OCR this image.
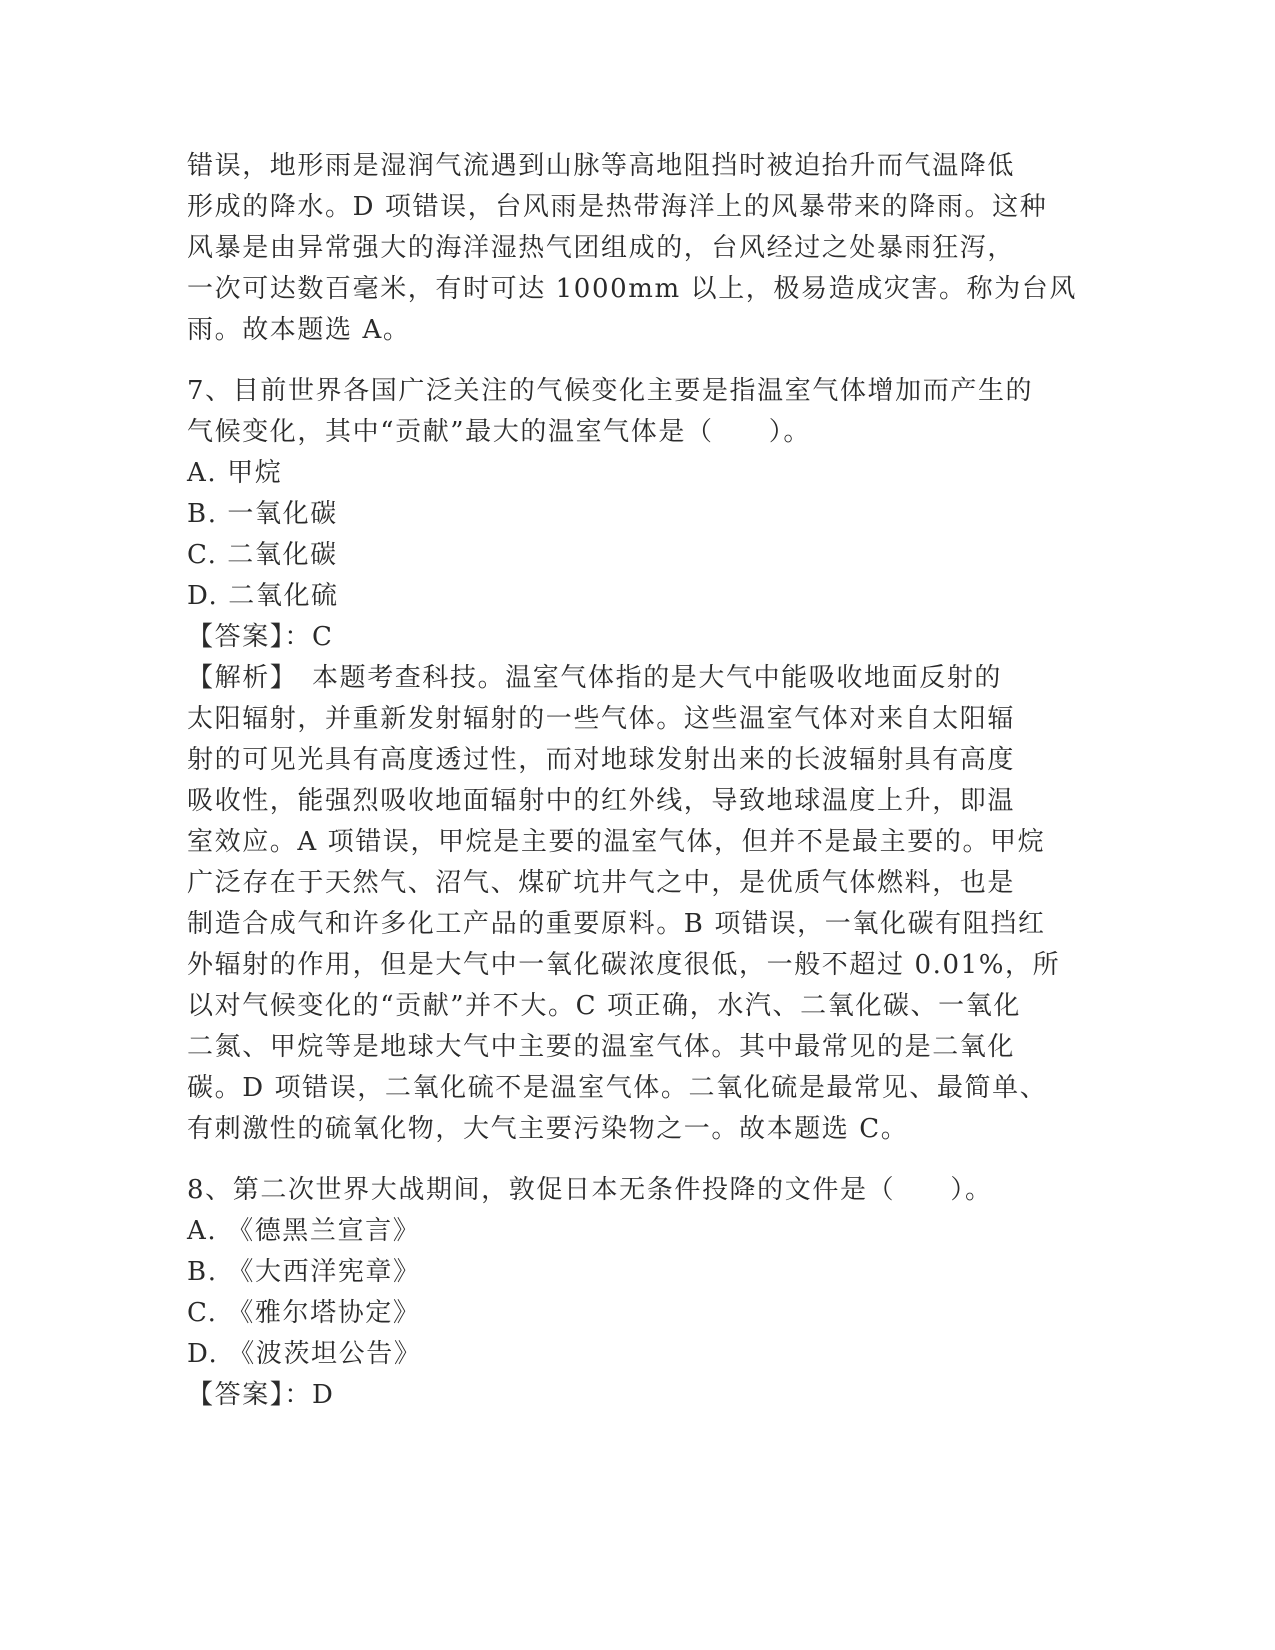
错误，地形雨是湿润气流遇到山脉等高地阻挡时被迫抬升而气温降低
形成的降水。D 项错误，台风雨是热带海洋上的风暴带来的降雨。这种
风暴是由异常强大的海洋湿热气团组成的，台风经过之处暴雨狂泻，
一次可达数百毫米，有时可达 1000mm 以上，极易造成灾害。称为台风
雨。故本题选 A。
7、目前世界各国广泛关注的气候变化主要是指温室气体增加而产生的
气候变化，其中“贡献”最大的温室气体是（　　）。
A. 甲烷
B. 一氧化碳
C. 二氧化碳
D. 二氧化硫
【答案】：C
【解析】　本题考查科技。温室气体指的是大气中能吸收地面反射的
太阳辐射，并重新发射辐射的一些气体。这些温室气体对来自太阳辐
射的可见光具有高度透过性，而对地球发射出来的长波辐射具有高度
吸收性，能强烈吸收地面辐射中的红外线，导致地球温度上升，即温
室效应。A 项错误，甲烷是主要的温室气体，但并不是最主要的。甲烷
广泛存在于天然气、沼气、煤矿坑井气之中，是优质气体燃料，也是
制造合成气和许多化工产品的重要原料。B 项错误，一氧化碳有阻挡红
外辐射的作用，但是大气中一氧化碳浓度很低，一般不超过 0.01%，所
以对气候变化的“贡献”并不大。C 项正确，水汽、二氧化碳、一氧化
二氮、甲烷等是地球大气中主要的温室气体。其中最常见的是二氧化
碳。D 项错误，二氧化硫不是温室气体。二氧化硫是最常见、最简单、
有刺激性的硫氧化物，大气主要污染物之一。故本题选 C。
8、第二次世界大战期间，敦促日本无条件投降的文件是（　　）。
A. 《德黑兰宣言》
B. 《大西洋宪章》
C. 《雅尔塔协定》
D. 《波茨坦公告》
【答案】：D
